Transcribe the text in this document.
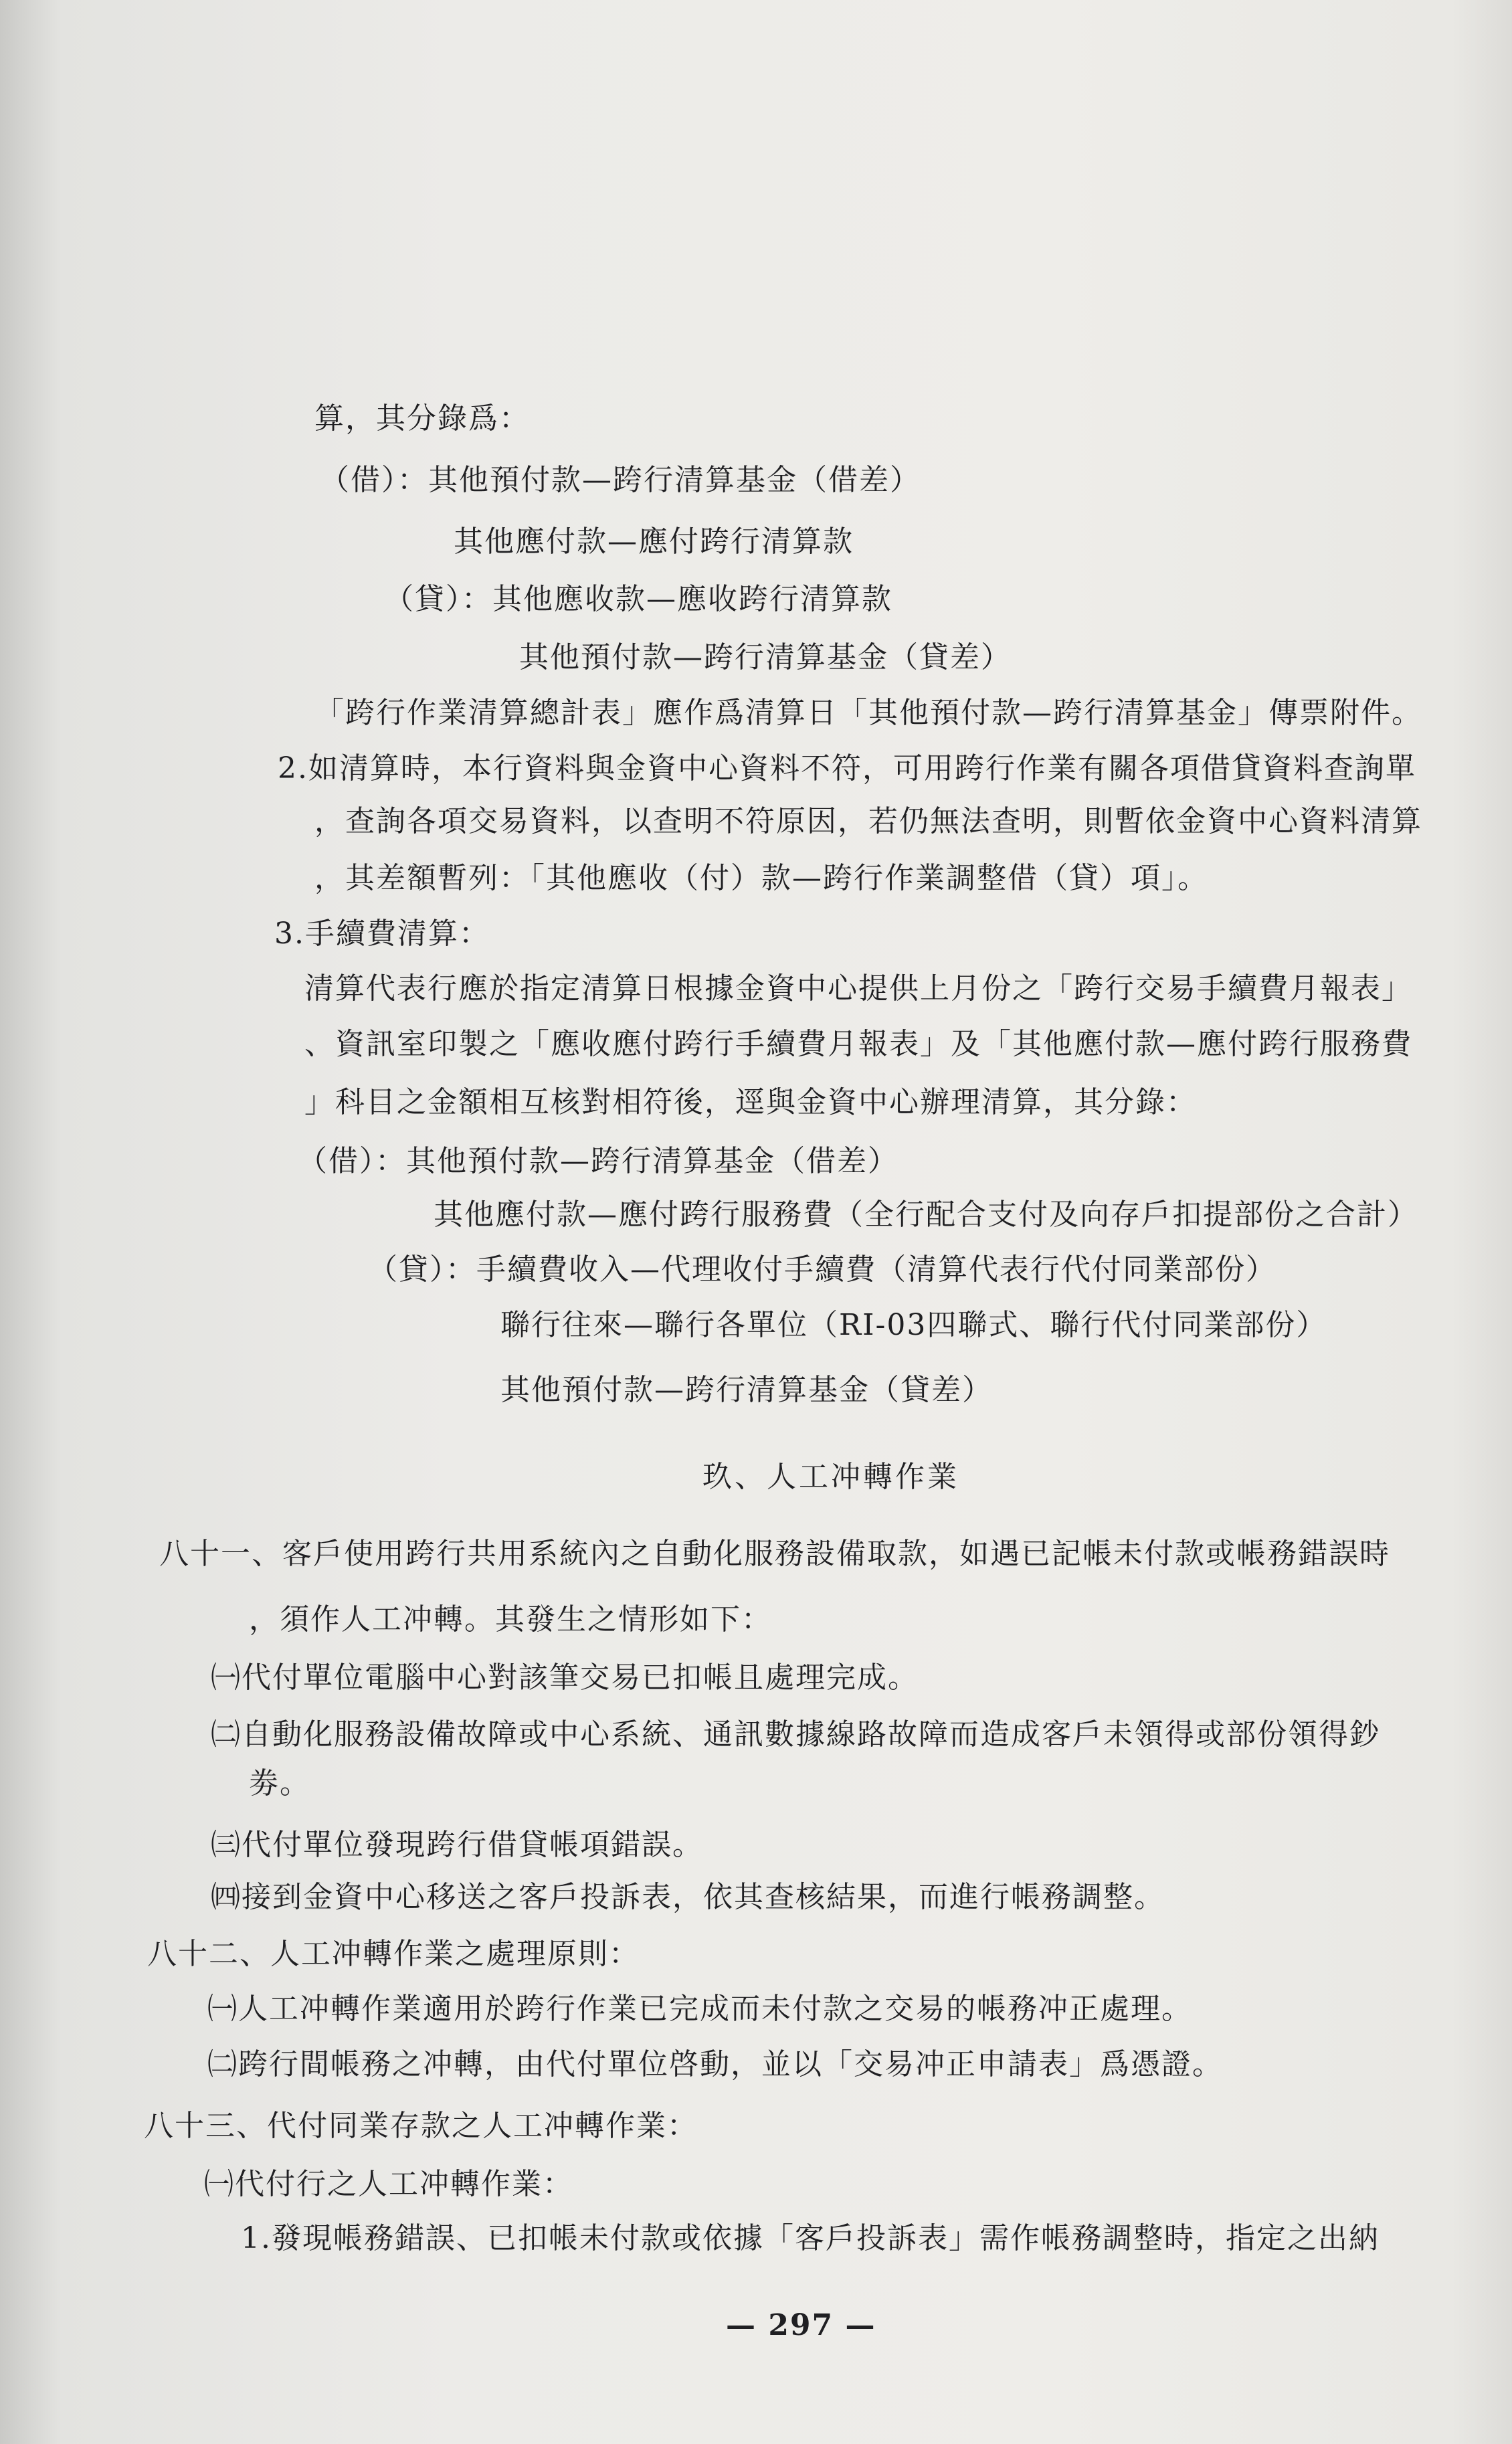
算，其分錄爲：
（借）：其他預付款—跨行清算基金（借差）
其他應付款—應付跨行清算款
（貸）：其他應收款—應收跨行清算款
其他預付款—跨行清算基金（貸差）
「跨行作業清算總計表」應作爲清算日「其他預付款—跨行清算基金」傳票附件。
2.如清算時，本行資料與金資中心資料不符，可用跨行作業有關各項借貸資料查詢單
，查詢各項交易資料，以查明不符原因，若仍無法查明，則暫依金資中心資料清算
，其差額暫列：「其他應收（付）款—跨行作業調整借（貸）項」。
3.手續費清算：
清算代表行應於指定清算日根據金資中心提供上月份之「跨行交易手續費月報表」
、資訊室印製之「應收應付跨行手續費月報表」及「其他應付款—應付跨行服務費
」科目之金額相互核對相符後，逕與金資中心辦理清算，其分錄：
（借）：其他預付款—跨行清算基金（借差）
其他應付款—應付跨行服務費（全行配合支付及向存戶扣提部份之合計）
（貸）：手續費收入—代理收付手續費（清算代表行代付同業部份）
聯行往來—聯行各單位（RI-03四聯式、聯行代付同業部份）
其他預付款—跨行清算基金（貸差）
玖、人工冲轉作業
八十一、客戶使用跨行共用系統內之自動化服務設備取款，如遇已記帳未付款或帳務錯誤時
，須作人工冲轉。其發生之情形如下：
㈠代付單位電腦中心對該筆交易已扣帳且處理完成。
㈡自動化服務設備故障或中心系統、通訊數據線路故障而造成客戶未領得或部份領得鈔
劵。
㈢代付單位發現跨行借貸帳項錯誤。
㈣接到金資中心移送之客戶投訴表，依其查核結果，而進行帳務調整。
八十二、人工冲轉作業之處理原則：
㈠人工冲轉作業適用於跨行作業已完成而未付款之交易的帳務冲正處理。
㈡跨行間帳務之冲轉，由代付單位啓動，並以「交易冲正申請表」爲憑證。
八十三、代付同業存款之人工冲轉作業：
㈠代付行之人工冲轉作業：
1.發現帳務錯誤、已扣帳未付款或依據「客戶投訴表」需作帳務調整時，指定之出納
— 297 —
